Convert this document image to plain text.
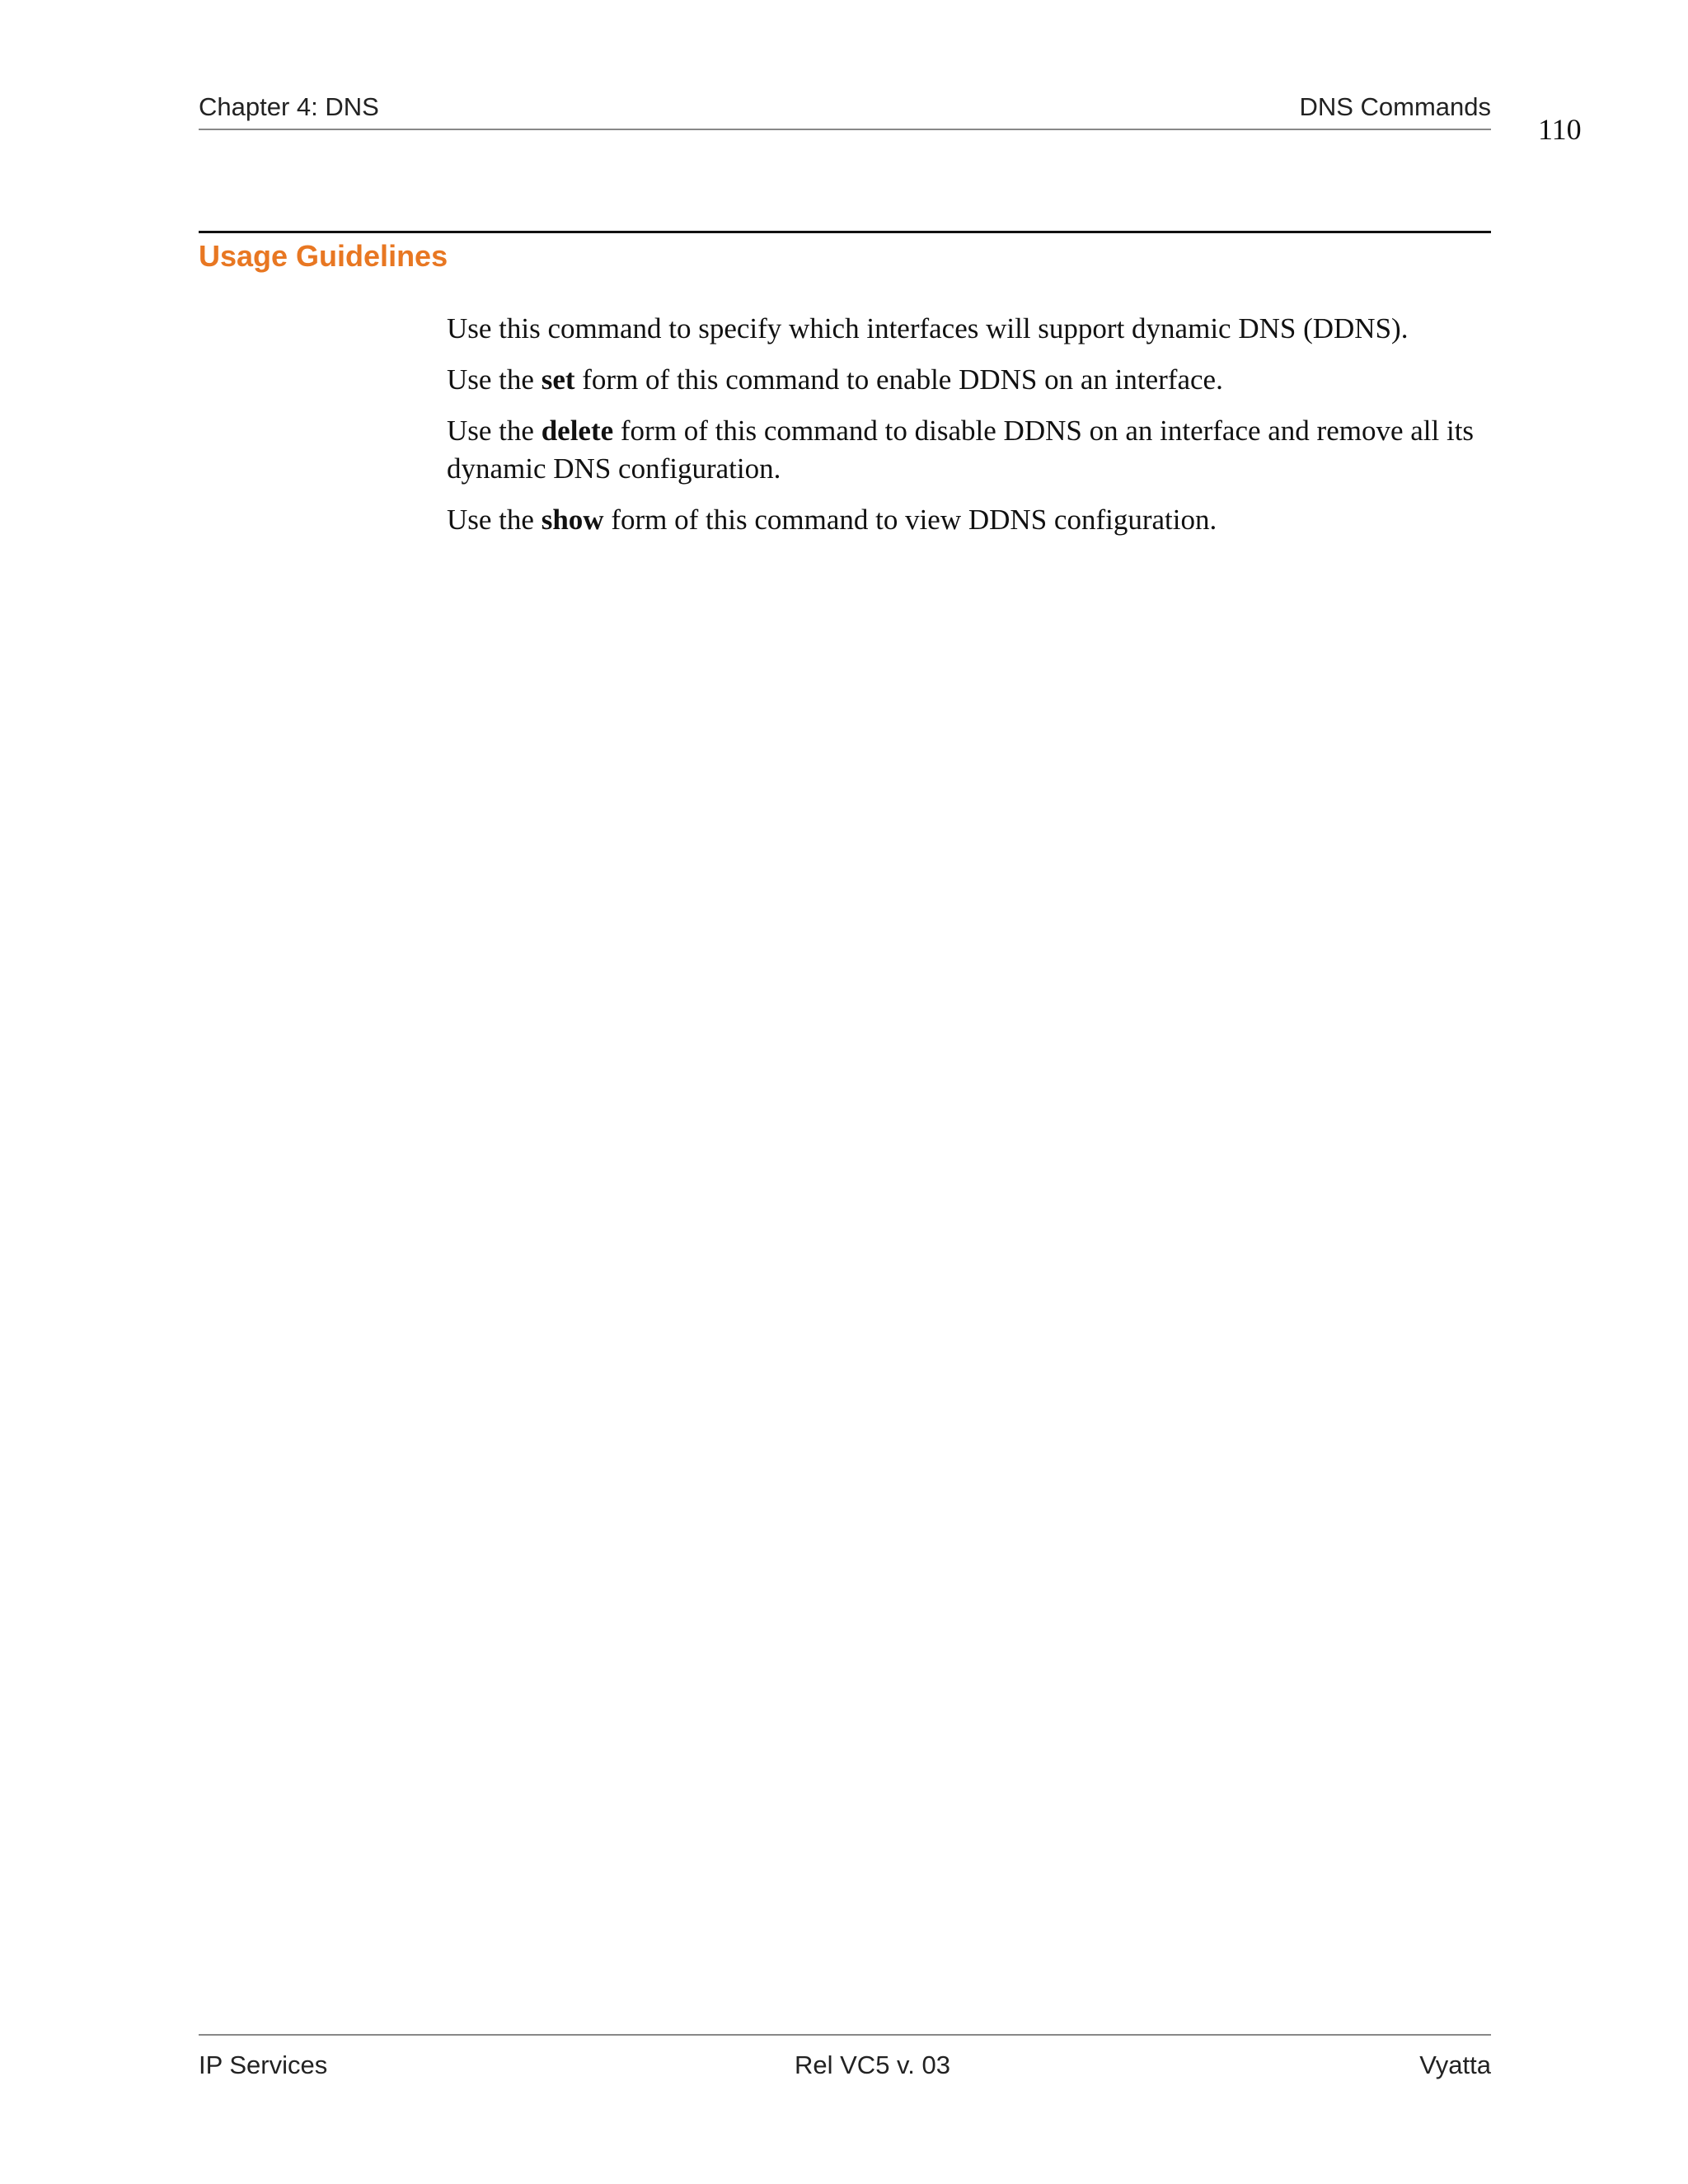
Chapter 4: DNS	DNS Commands
110
Usage Guidelines

Use this command to specify which interfaces will support dynamic DNS (DDNS).

Use the set form of this command to enable DDNS on an interface.

Use the delete form of this command to disable DDNS on an interface and remove all its dynamic DNS configuration.

Use the show form of this command to view DDNS configuration.

IP Services	Rel VC5 v. 03	Vyatta
